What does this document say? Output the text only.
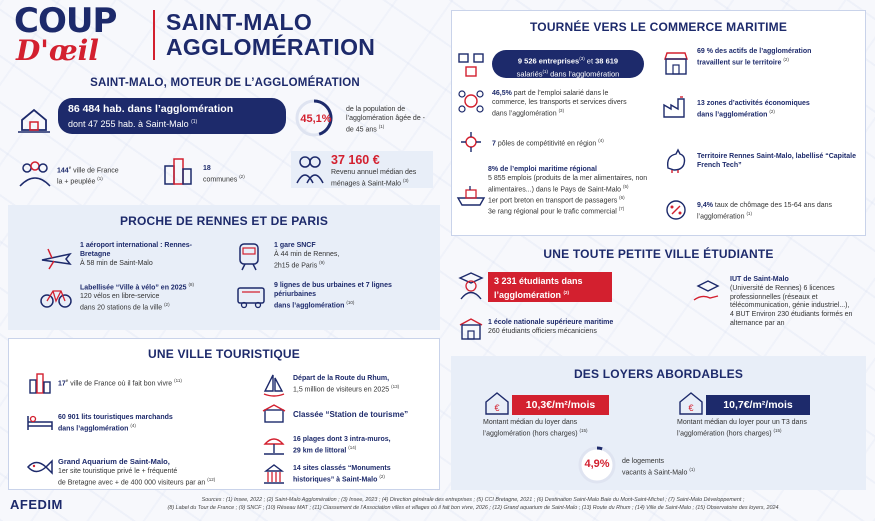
COUP
D'œil
SAINT-MALO
AGGLOMÉRATION
SAINT-MALO, MOTEUR DE L’AGGLOMÉRATION
86 484 hab. dans l’agglomération
dont 47 255 hab. à Saint-Malo $^{(1)}$	45,1%
de la population de l’agglomération âgée de - de 45 ans $^{(1)}$
144e ville de France
la + peuplée $^{(1)}$
18
communes $^{(2)}$
37 160 €
Revenu annuel médian des ménages à Saint-Malo $^{(3)}$
PROCHE DE RENNES ET DE PARIS
1 aéroport international : Rennes-Bretagne
À 58 min de Saint-Malo
1 gare SNCF
À 44 min de Rennes,
2h15 de Paris $^{(9)}$
Labellisée “Ville à vélo” en 2025 $^{(8)}$
120 vélos en libre-service
dans 20 stations de la ville $^{(2)}$
9 lignes de bus urbaines et 7 lignes périurbaines
dans l’agglomération $^{(10)}$
UNE VILLE TOURISTIQUE
17e ville de France où il fait bon vivre $^{(11)}$
60 901 lits touristiques marchands
dans l’agglomération $^{(4)}$
Grand Aquarium de Saint-Malo,
1er site touristique privé le + fréquenté
de Bretagne avec + de 400 000 visiteurs par an $^{(12)}$
Départ de la Route du Rhum,
1,5 million de visiteurs en 2025 $^{(13)}$
Classée “Station de tourisme”
16 plages dont 3 intra-muros,
29 km de littoral $^{(14)}$
14 sites classés “Monuments
historiques” à Saint-Malo $^{(2)}$
TOURNÉE VERS LE COMMERCE MARITIME
9 526 entreprises$^{(3)}$ et 38 619
salariés$^{(1)}$ dans l’agglomération
69 % des actifs de l’agglomération travaillent sur le territoire $^{(2)}$
46,5% part de l’emploi salarié dans le commerce, les transports et services divers dans l’agglomération $^{(3)}$
13 zones d’activités économiques dans l’agglomération $^{(2)}$
7 pôles de compétitivité en région $^{(4)}$
Territoire Rennes Saint-Malo, labellisé “Capitale French Tech”
8% de l’emploi maritime régional
5 855 emplois (produits de la mer alimentaires, non alimentaires...) dans le Pays de Saint-Malo $^{(5)}$
1er port breton en transport de passagers $^{(6)}$
3e rang régional pour le trafic commercial $^{(7)}$	9,4% taux de chômage des 15-64 ans dans l’agglomération $^{(1)}$
UNE TOUTE PETITE VILLE ÉTUDIANTE
3 231 étudiants dans
l’agglomération $^{(2)}$
1 école nationale supérieure maritime
260 étudiants officiers mécaniciens
IUT de Saint-Malo
(Université de Rennes) 6 licences professionnelles (réseaux et télécommunication, génie industriel...), 4 BUT Environ 230 étudiants formés en alternance par an
DES LOYERS ABORDABLES
€	10,3€/m²/mois
Montant médian du loyer dans l’agglomération (hors charges) $^{(15)}$
€	10,7€/m²/mois
Montant médian du loyer pour un T3 dans l’agglomération (hors charges) $^{(15)}$
4,9%	de logements
vacants à Saint-Malo $^{(1)}$
AFEDIM	Sources : (1) Insee, 2022 ; (2) Saint-Malo Agglomération ; (3) Insee, 2023 ; (4) Direction générale des entreprises ; (5) CCI Bretagne, 2021 ; (6) Destination Saint-Malo Baie du Mont-Saint-Michel ; (7) Saint-Malo Développement ;
(8) Label du Tour de France ; (9) SNCF ; (10) Réseau MAT ; (11) Classement de l’Association villes et villages où il fait bon vivre, 2026 ; (12) Grand aquarium de Saint-Malo ; (13) Route du Rhum ; (14) Ville de Saint-Malo ; (15) Observatoire des loyers, 2024
